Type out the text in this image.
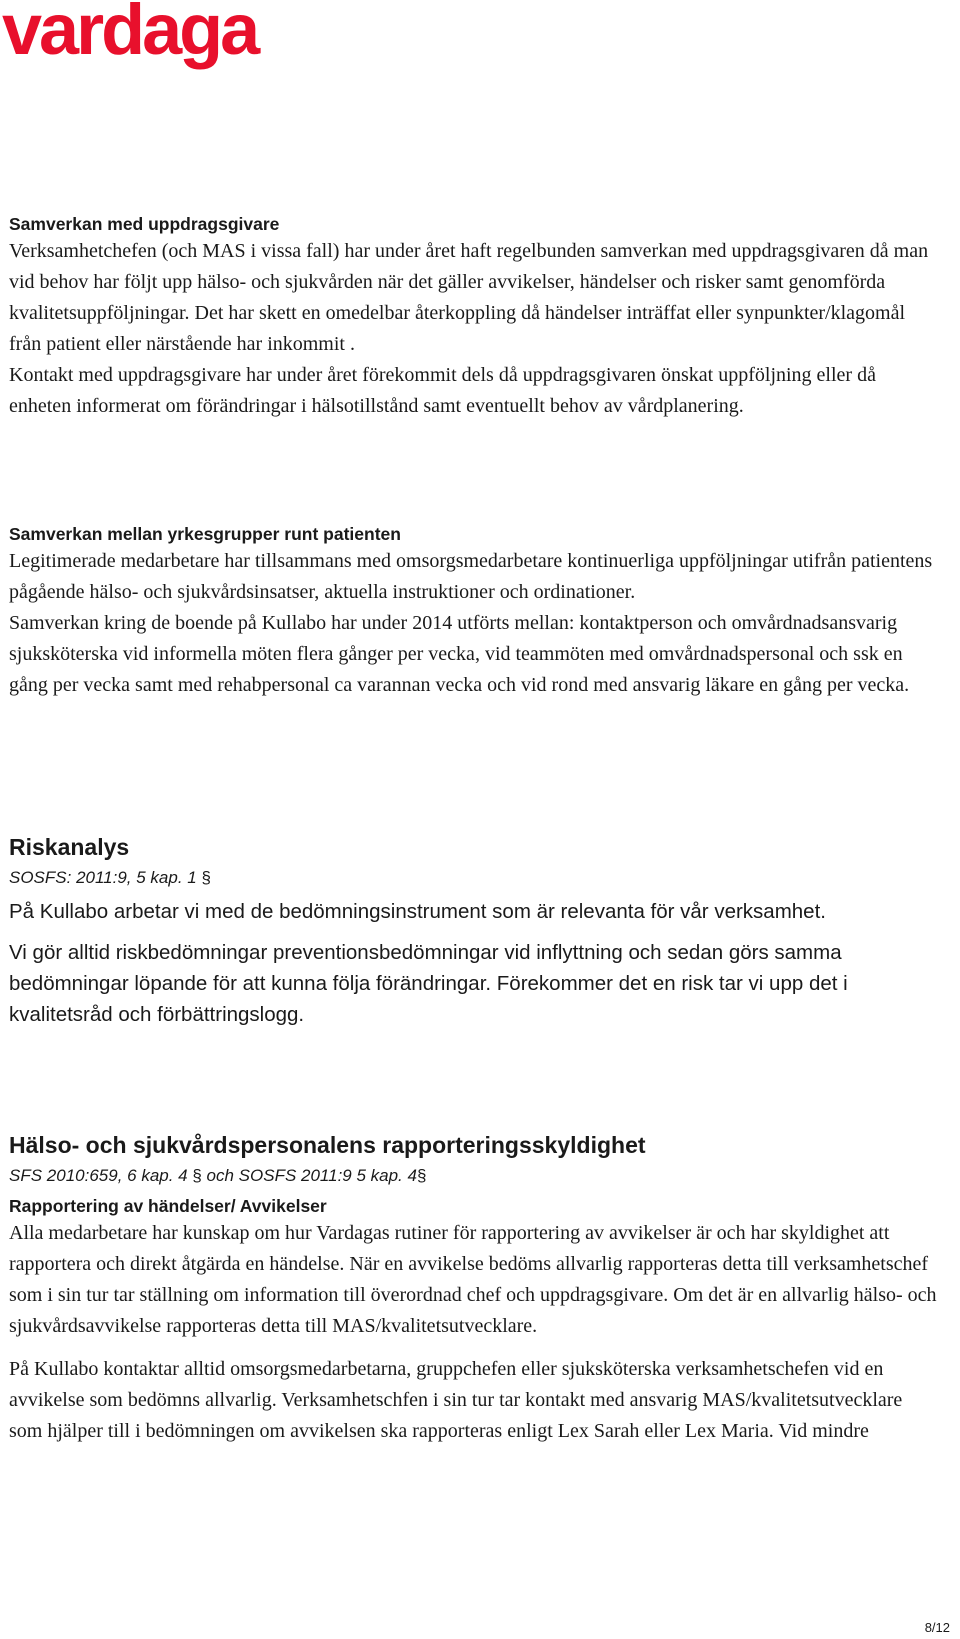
vardaga
Samverkan med uppdragsgivare

Verksamhetchefen (och MAS i vissa fall) har under året haft regelbunden samverkan med uppdragsgivaren då man vid behov har följt upp hälso- och sjukvården när det gäller avvikelser, händelser och risker samt genomförda kvalitetsuppföljningar. Det har skett en omedelbar återkoppling då händelser inträffat eller synpunkter/klagomål från patient eller närstående har inkommit .

Kontakt med uppdragsgivare har under året förekommit dels då uppdragsgivaren önskat uppföljning eller då enheten informerat om förändringar i hälsotillstånd samt eventuellt behov av vårdplanering.

Samverkan mellan yrkesgrupper runt patienten

Legitimerade medarbetare har tillsammans med omsorgsmedarbetare kontinuerliga uppföljningar utifrån patientens pågående hälso- och sjukvårdsinsatser, aktuella instruktioner och ordinationer.

Samverkan kring de boende på Kullabo har under 2014 utförts mellan: kontaktperson och omvårdnadsansvarig sjuksköterska vid informella möten flera gånger per vecka, vid teammöten med omvårdnadspersonal och ssk en gång per vecka samt med rehabpersonal ca varannan vecka och vid rond med ansvarig läkare en gång per vecka.

Riskanalys

SOSFS: 2011:9, 5 kap. 1 §

På Kullabo arbetar vi med de bedömningsinstrument som är relevanta för vår verksamhet.

Vi gör alltid riskbedömningar preventionsbedömningar vid inflyttning och sedan görs samma bedömningar löpande för att kunna följa förändringar. Förekommer det en risk tar vi upp det i kvalitetsråd och förbättringslogg.

Hälso- och sjukvårdspersonalens rapporteringsskyldighet

SFS 2010:659, 6 kap. 4 § och SOSFS 2011:9 5 kap. 4§

Rapportering av händelser/ Avvikelser

Alla medarbetare har kunskap om hur Vardagas rutiner för rapportering av avvikelser är och har skyldighet att rapportera och direkt åtgärda en händelse. När en avvikelse bedöms allvarlig rapporteras detta till verksamhetschef som i sin tur tar ställning om information till överordnad chef och uppdragsgivare. Om det är en allvarlig hälso- och sjukvårdsavvikelse rapporteras detta till MAS/kvalitetsutvecklare.

På Kullabo kontaktar alltid omsorgsmedarbetarna, gruppchefen eller sjuksköterska verksamhetschefen vid en avvikelse som bedömns allvarlig. Verksamhetschfen i sin tur tar kontakt med ansvarig MAS/kvalitetsutvecklare som hjälper till i bedömningen om avvikelsen ska rapporteras enligt Lex Sarah eller Lex Maria. Vid mindre

8/12
